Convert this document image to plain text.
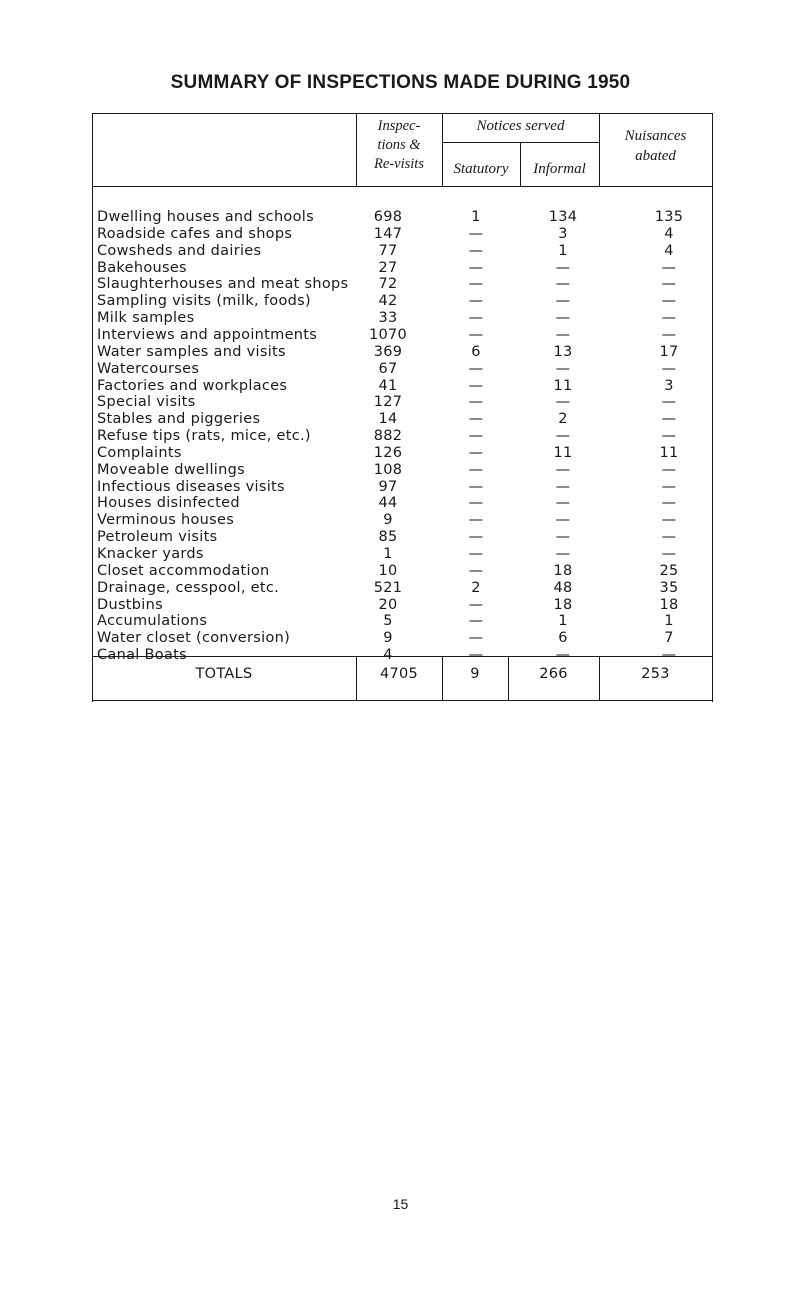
SUMMARY OF INSPECTIONS MADE DURING 1950
Inspec-
tions &
Re-visits
Notices served
Statutory	Informal
Nuisances
abated
Dwelling houses and schools	698	1	134	135
Roadside cafes and shops	147	—	3	4
Cowsheds and dairies	77	—	1	4
Bakehouses	27	—	—	—
Slaughterhouses and meat shops	72	—	—	—
Sampling visits (milk, foods)	42	—	—	—
Milk samples	33	—	—	—
Interviews and appointments	1070	—	—	—
Water samples and visits	369	6	13	17
Watercourses	67	—	—	—
Factories and workplaces	41	—	11	3
Special visits	127	—	—	—
Stables and piggeries	14	—	2	—
Refuse tips (rats, mice, etc.)	882	—	—	—
Complaints	126	—	11	11
Moveable dwellings	108	—	—	—
Infectious diseases visits	97	—	—	—
Houses disinfected	44	—	—	—
Verminous houses	9	—	—	—
Petroleum visits	85	—	—	—
Knacker yards	1	—	—	—
Closet accommodation	10	—	18	25
Drainage, cesspool, etc.	521	2	48	35
Dustbins	20	—	18	18
Accumulations	5	—	1	1
Water closet (conversion)	9	—	6	7
Canal Boats	4	—	—	—
TOTALS	4705	9	266	253
15
